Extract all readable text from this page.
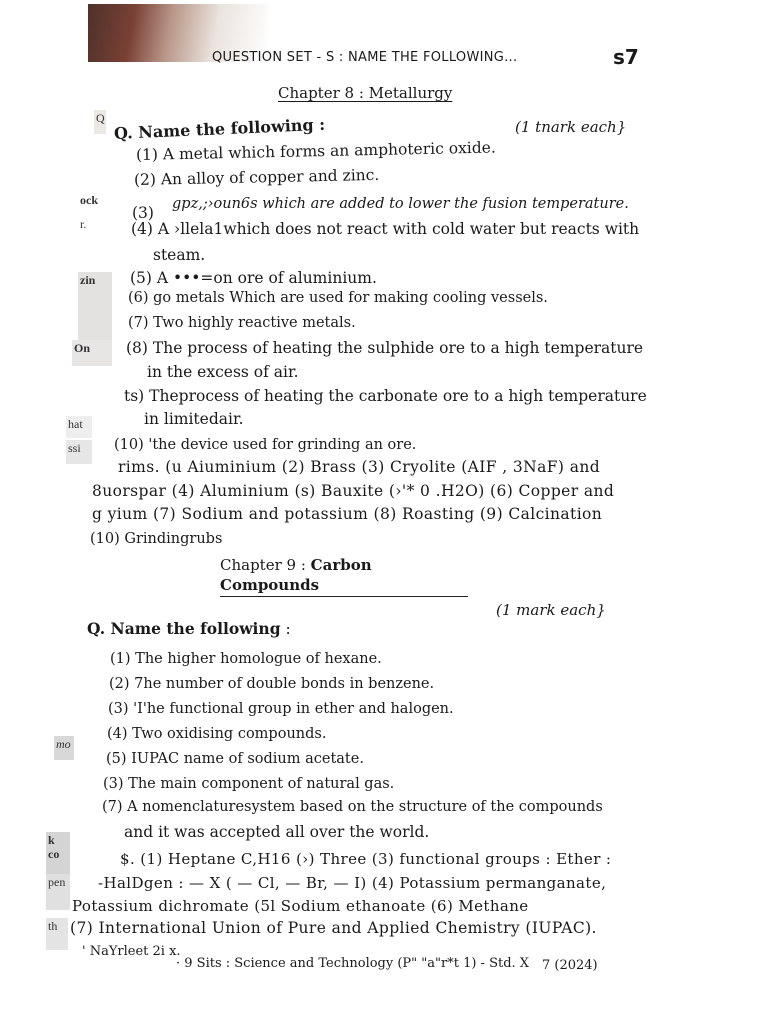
QUESTION SET - S : NAME THE FOLLOWING...	s7
Q
ock
r.
zin
On
hat
ssi
mo
k co
pen
th
Chapter 8 : Metallurgy
Q. Name the following :	(1 tnark each}
(1) A metal which forms an amphoteric oxide.
(2) An alloy of copper and zinc.
(3) gpz,;›oun6s which are added to lower the fusion temperature.
(4) A ›llela1which does not react with cold water but reacts with
steam.
(5) A •••=on ore of aluminium.
(6) go metals Which are used for making cooling vessels.
(7) Two highly reactive metals.
(8) The process of heating the sulphide ore to a high temperature
in the excess of air.
ts) Theprocess of heating the carbonate ore to a high temperature
in limitedair.
(10) 'the device used for grinding an ore.
rims. (u Aiuminium (2) Brass (3) Cryolite (AIF , 3NaF) and
8uorspar (4) Aluminium (s) Bauxite (›'* 0 .H2O) (6) Copper and
g yium (7) Sodium and potassium (8) Roasting (9) Calcination
(10) Grindingrubs
Chapter 9 : Carbon
Compounds
(1 mark each}
Q. Name the following :
(1) The higher homologue of hexane.
(2) 7he number of double bonds in benzene.
(3) 'I'he functional group in ether and halogen.
(4) Two oxidising compounds.
(5) IUPAC name of sodium acetate.
(3) The main component of natural gas.
(7) A nomenclaturesystem based on the structure of the compounds
and it was accepted all over the world.
$. (1) Heptane C,H16 (›) Three (3) functional groups : Ether :
-HalDgen : — X ( — Cl, — Br, — I) (4) Potassium permanganate,
Potassium dichromate (5l Sodium ethanoate (6) Methane
(7) International Union of Pure and Applied Chemistry (IUPAC).
' NaYrleet 2i x.
· 9 Sits : Science and Technology (P" "a"r*t 1) - Std. X 7 (2024)
